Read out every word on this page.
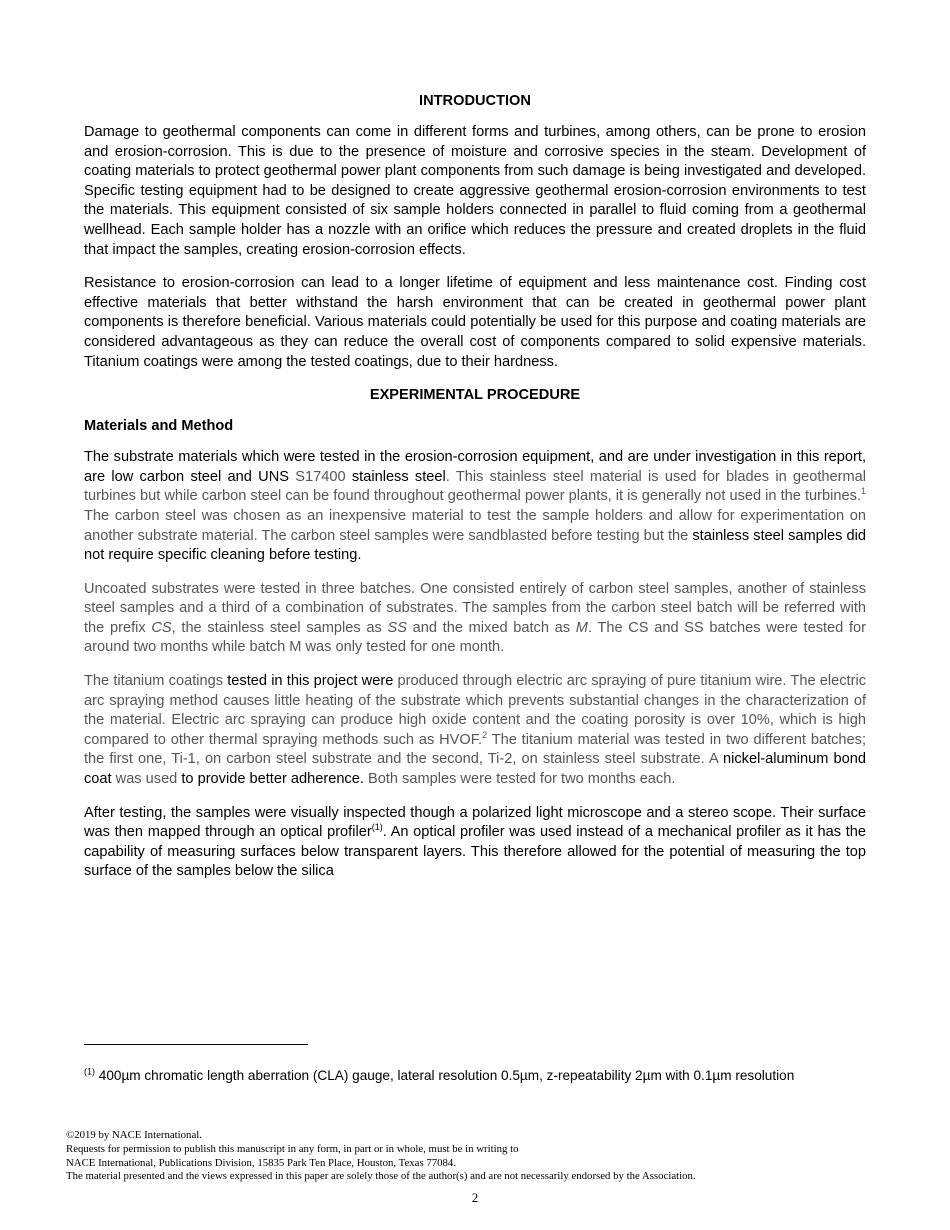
INTRODUCTION

Damage to geothermal components can come in different forms and turbines, among others, can be prone to erosion and erosion-corrosion. This is due to the presence of moisture and corrosive species in the steam. Development of coating materials to protect geothermal power plant components from such damage is being investigated and developed. Specific testing equipment had to be designed to create aggressive geothermal erosion-corrosion environments to test the materials. This equipment consisted of six sample holders connected in parallel to fluid coming from a geothermal wellhead. Each sample holder has a nozzle with an orifice which reduces the pressure and created droplets in the fluid that impact the samples, creating erosion-corrosion effects.

Resistance to erosion-corrosion can lead to a longer lifetime of equipment and less maintenance cost. Finding cost effective materials that better withstand the harsh environment that can be created in geothermal power plant components is therefore beneficial. Various materials could potentially be used for this purpose and coating materials are considered advantageous as they can reduce the overall cost of components compared to solid expensive materials. Titanium coatings were among the tested coatings, due to their hardness.

EXPERIMENTAL PROCEDURE
Materials and Method

The substrate materials which were tested in the erosion-corrosion equipment, and are under investigation in this report, are low carbon steel and UNS S17400 stainless steel. This stainless steel material is used for blades in geothermal turbines but while carbon steel can be found throughout geothermal power plants, it is generally not used in the turbines.$^1$ The carbon steel was chosen as an inexpensive material to test the sample holders and allow for experimentation on another substrate material. The carbon steel samples were sandblasted before testing but the stainless steel samples did not require specific cleaning before testing.

Uncoated substrates were tested in three batches. One consisted entirely of carbon steel samples, another of stainless steel samples and a third of a combination of substrates. The samples from the carbon steel batch will be referred with the prefix CS, the stainless steel samples as SS and the mixed batch as M. The CS and SS batches were tested for around two months while batch M was only tested for one month.

The titanium coatings tested in this project were produced through electric arc spraying of pure titanium wire. The electric arc spraying method causes little heating of the substrate which prevents substantial changes in the characterization of the material. Electric arc spraying can produce high oxide content and the coating porosity is over 10%, which is high compared to other thermal spraying methods such as HVOF.$^2$ The titanium material was tested in two different batches; the first one, Ti-1, on carbon steel substrate and the second, Ti-2, on stainless steel substrate. A nickel-aluminum bond coat was used to provide better adherence. Both samples were tested for two months each.

After testing, the samples were visually inspected though a polarized light microscope and a stereo scope. Their surface was then mapped through an optical profiler$^{(1)}$. An optical profiler was used instead of a mechanical profiler as it has the capability of measuring surfaces below transparent layers. This therefore allowed for the potential of measuring the top surface of the samples below the silica

$^{(1)}$ 400µm chromatic length aberration (CLA) gauge, lateral resolution 0.5µm, z-repeatability 2µm with 0.1µm resolution
©2019 by NACE International.
Requests for permission to publish this manuscript in any form, in part or in whole, must be in writing to
NACE International, Publications Division, 15835 Park Ten Place, Houston, Texas 77084.
The material presented and the views expressed in this paper are solely those of the author(s) and are not necessarily endorsed by the Association.
2
